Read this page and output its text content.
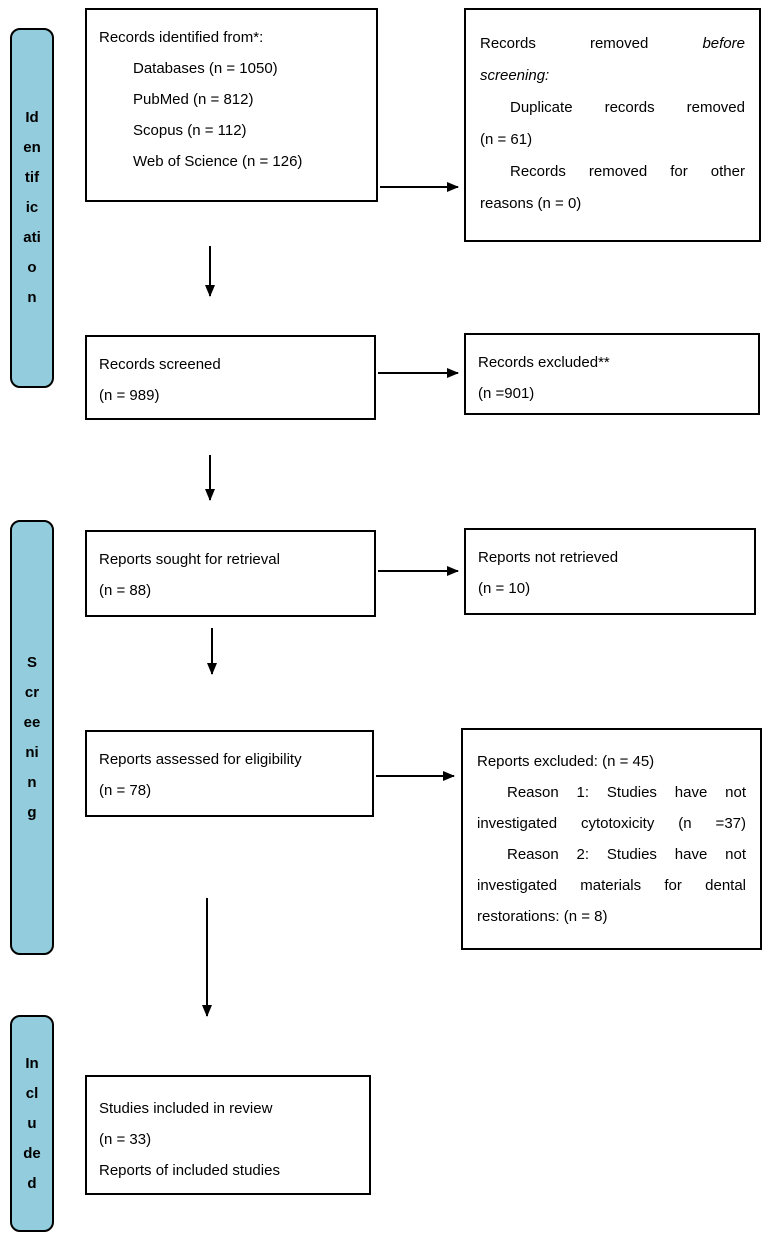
Id
en
tif
ic
ati
o
n
S
cr
ee
ni
n
g
In
cl
u
de
d
Records identified from*:
Databases (n = 1050)
PubMed (n = 812)
Scopus (n = 112)
Web of Science (n = 126)
Records removed	before
screening:
Duplicate records removed
(n = 61)
Records removed for other
reasons (n = 0)
Records screened
(n = 989)
Records excluded**
(n =901)
Reports sought for retrieval
(n = 88)
Reports not retrieved
(n = 10)
Reports assessed for eligibility
(n = 78)
Reports excluded: (n = 45)
Reason 1: Studies have not
investigated cytotoxicity (n =37)
Reason 2: Studies have not
investigated materials for dental
restorations: (n = 8)
Studies included in review
(n = 33)
Reports of included studies
